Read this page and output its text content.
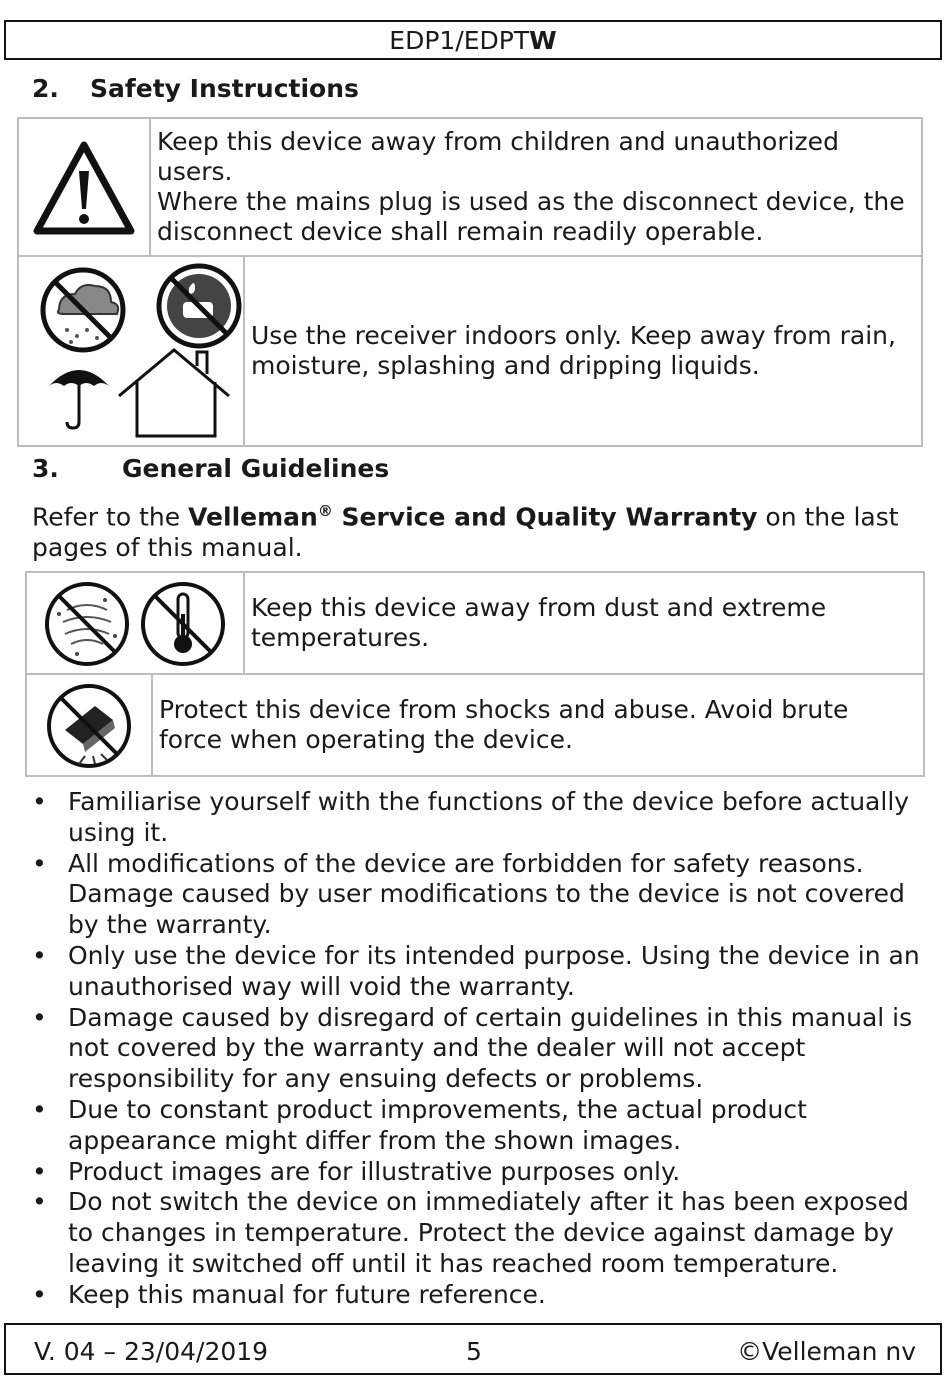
EDP1/EDPTW
2. Safety Instructions

Keep this device away from children and unauthorized users.
Where the mains plug is used as the disconnect device, the disconnect device shall remain readily operable.

Use the receiver indoors only. Keep away from rain, moisture, splashing and dripping liquids.
3.	General Guidelines
Refer to the Velleman® Service and Quality Warranty on the last pages of this manual.

Keep this device away from dust and extreme temperatures.

Protect this device from shocks and abuse. Avoid brute force when operating the device.
• Familiarise yourself with the functions of the device before actually using it.
• All modifications of the device are forbidden for safety reasons. Damage caused by user modifications to the device is not covered by the warranty.
• Only use the device for its intended purpose. Using the device in an unauthorised way will void the warranty.
• Damage caused by disregard of certain guidelines in this manual is not covered by the warranty and the dealer will not accept responsibility for any ensuing defects or problems.
• Due to constant product improvements, the actual product appearance might differ from the shown images.
• Product images are for illustrative purposes only.
• Do not switch the device on immediately after it has been exposed to changes in temperature. Protect the device against damage by leaving it switched off until it has reached room temperature.
• Keep this manual for future reference.
V. 04 – 23/04/2019	5	©Velleman nv
